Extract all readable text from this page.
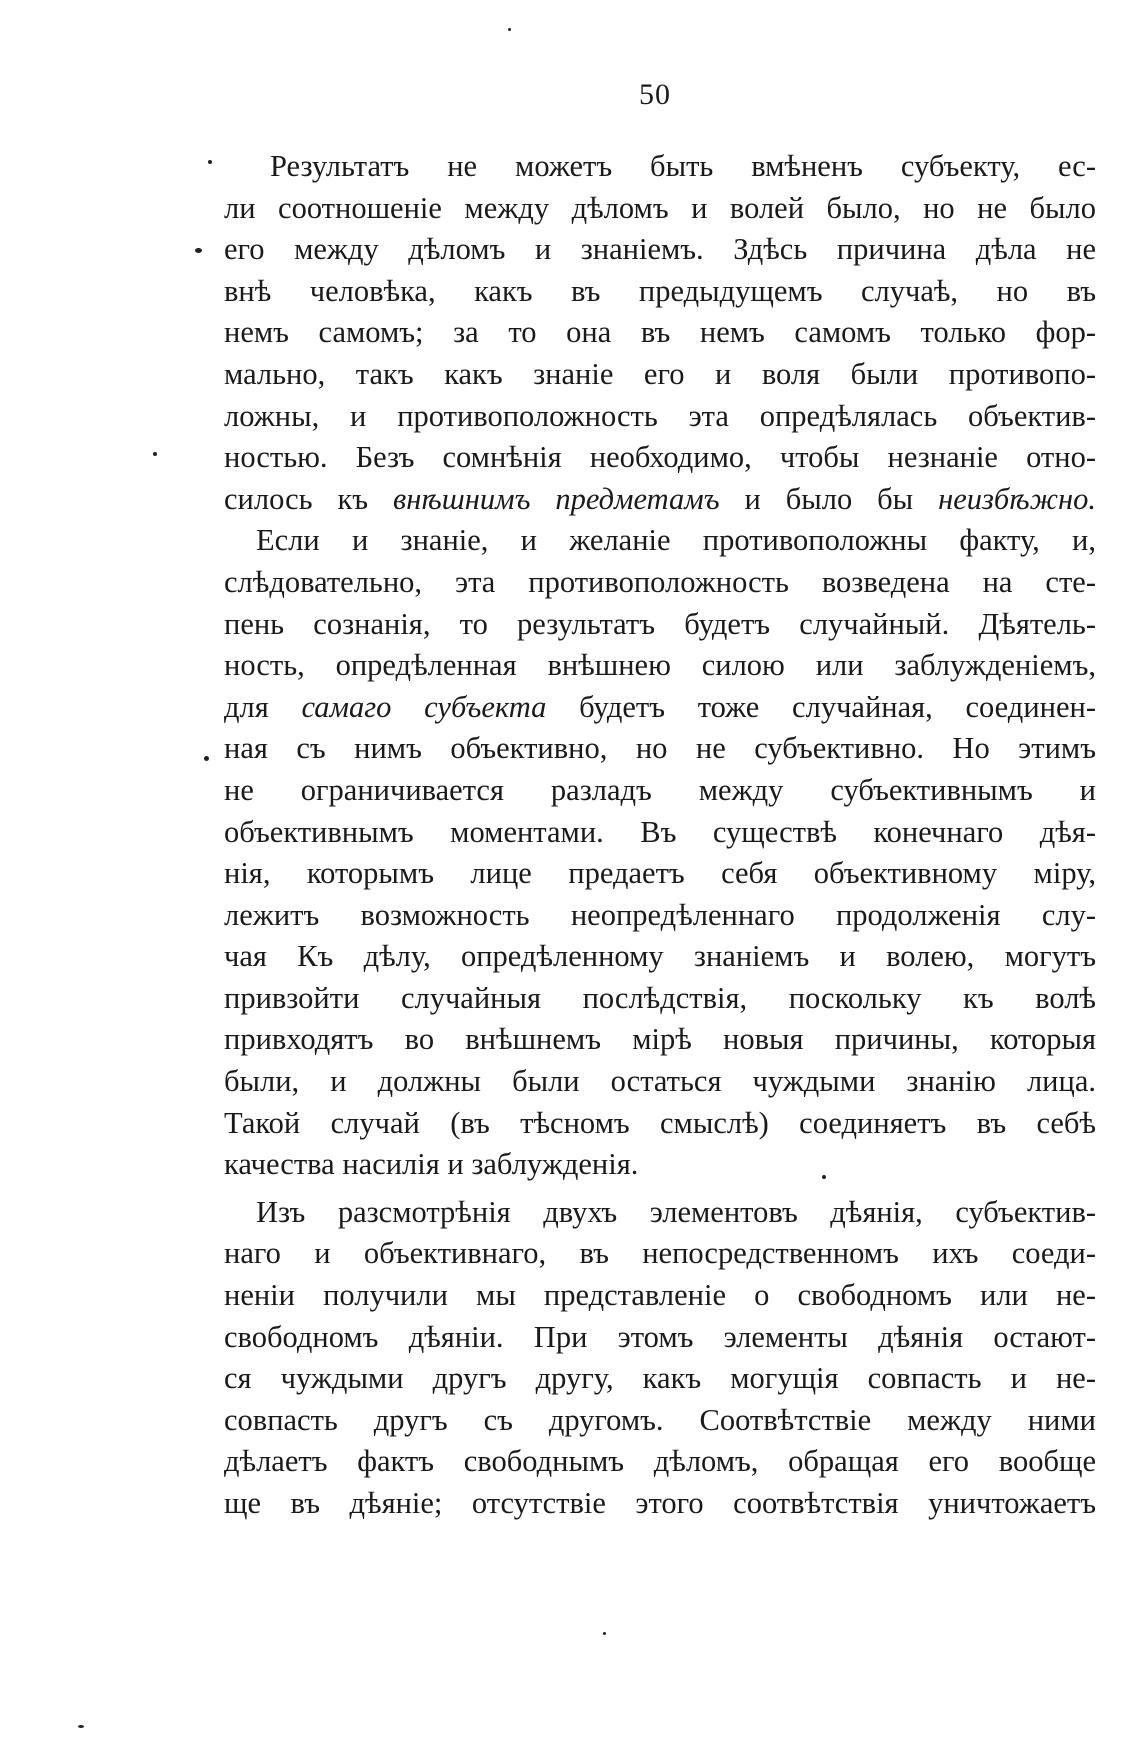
50
Результатъ не можетъ быть вмѣненъ субъекту, ес-
ли соотношеніе между дѣломъ и волей было, но не было
его между дѣломъ и знаніемъ. Здѣсь причина дѣла не
внѣ человѣка, какъ въ предыдущемъ случаѣ, но въ
немъ самомъ; за то она въ немъ самомъ только фор-
мально, такъ какъ знаніе его и воля были противопо-
ложны, и противоположность эта опредѣлялась объектив-
ностью. Безъ сомнѣнія необходимо, чтобы незнаніе отно-
силось къ внѣшнимъ предметамъ и было бы неизбѣжно.
Если и знаніе, и желаніе противоположны факту, и,
слѣдовательно, эта противоположность возведена на сте-
пень сознанія, то результатъ будетъ случайный. Дѣятель-
ность, опредѣленная внѣшнею силою или заблужденіемъ,
для самаго субъекта будетъ тоже случайная, соединен-
ная съ нимъ объективно, но не субъективно. Но этимъ
не ограничивается разладъ между субъективнымъ и
объективнымъ моментами. Въ существѣ конечнаго дѣя-
нія, которымъ лице предаетъ себя объективному міру,
лежитъ возможность неопредѣленнаго продолженія слу-
чая Къ дѣлу, опредѣленному знаніемъ и волею, могутъ
привзойти случайныя послѣдствія, поскольку къ волѣ
привходятъ во внѣшнемъ мірѣ новыя причины, которыя
были, и должны были остаться чуждыми знанію лица.
Такой случай (въ тѣсномъ смыслѣ) соединяетъ въ себѣ
качества насилія и заблужденія.
Изъ разсмотрѣнія двухъ элементовъ дѣянія, субъектив-
наго и объективнаго, въ непосредственномъ ихъ соеди-
неніи получили мы представленіе о свободномъ или не-
свободномъ дѣяніи. При этомъ элементы дѣянія остают-
ся чуждыми другъ другу, какъ могущія совпасть и не-
совпасть другъ съ другомъ. Соотвѣтствіе между ними
дѣлаетъ фактъ свободнымъ дѣломъ, обращая его вообще
ще въ дѣяніе; отсутствіе этого соотвѣтствія уничтожаетъ
